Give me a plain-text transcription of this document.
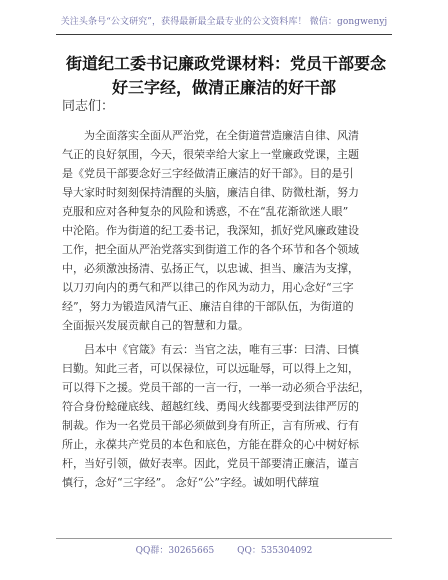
关注头条号“公文研究”，获得最新最全最专业的公文资料库！ 微信：gongwenyj
街道纪工委书记廉政党课材料：党员干部要念
好三字经，做清正廉洁的好干部
同志们：
为全面落实全面从严治党，在全街道营造廉洁自律、风清
气正的良好氛围，今天，很荣幸给大家上一堂廉政党课，主题
是《党员干部要念好三字经做清正廉洁的好干部》。目的是引
导大家时时刻刻保持清醒的头脑，廉洁自律、防微杜渐，努力
克服和应对各种复杂的风险和诱惑，不在“乱花渐欲迷人眼”
中沦陷。作为街道的纪工委书记，我深知，抓好党风廉政建设
工作，把全面从严治党落实到街道工作的各个环节和各个领域
中，必须激浊扬清、弘扬正气，以忠诚、担当、廉洁为支撑，
以刀刃向内的勇气和严以律己的作风为动力，用心念好“三字
经”，努力为锻造风清气正、廉洁自律的干部队伍，为街道的
全面振兴发展贡献自己的智慧和力量。
吕本中《官箴》有云：当官之法，唯有三事：曰清、曰慎
曰勤。知此三者，可以保禄位，可以远耻辱，可以得上之知，
可以得下之援。党员干部的一言一行，一举一动必须合乎法纪，
符合身份鲶碰底线、超越红线、勇闯火线都要受到法律严厉的
制裁。作为一名党员干部必须做到身有所正，言有所戒、行有
所止，永葆共产党员的本色和底色，方能在群众的心中树好标
杆，当好引领，做好表率。因此，党员干部要清正廉洁，谨言
慎行，念好“三字经”。 念好“公”字经。诚如明代薛瑄
QQ群：30265665	QQ：535304092
